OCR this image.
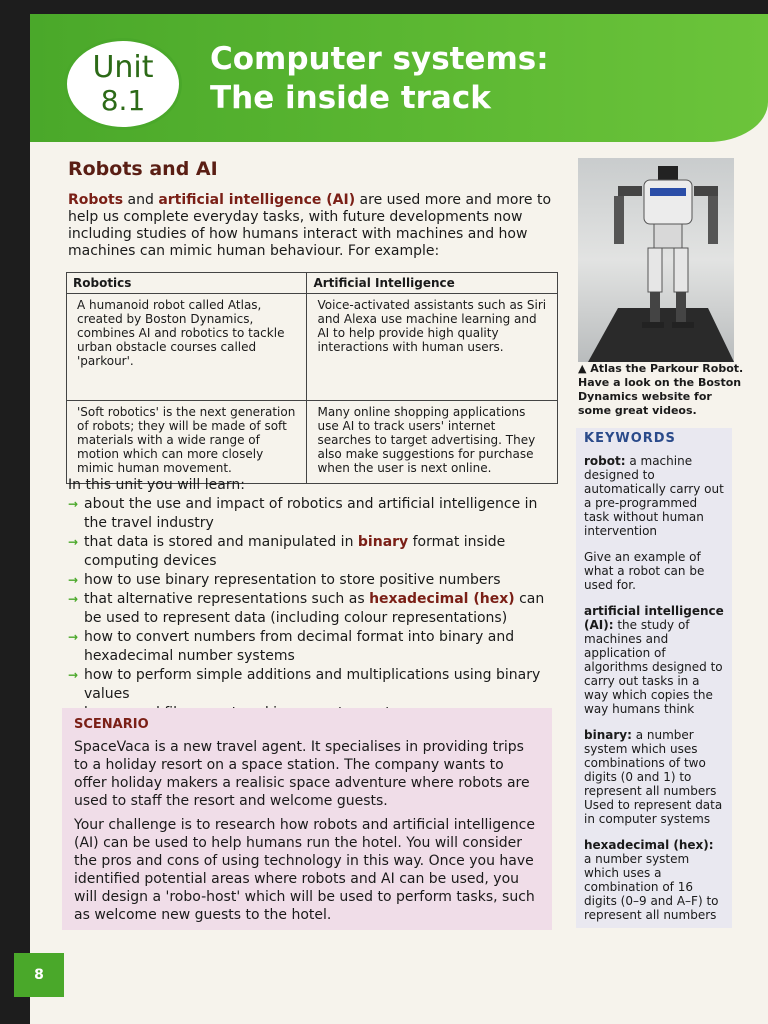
Unit
8.1
Computer systems:
The inside track
Robots and AI
Robots and artificial intelligence (AI) are used more and more to help us complete everyday tasks, with future developments now including studies of how humans interact with machines and how machines can mimic human behaviour. For example:
Robotics	Artificial Intelligence
A humanoid robot called Atlas, created by Boston Dynamics, combines AI and robotics to tackle urban obstacle courses called 'parkour'.	Voice-activated assistants such as Siri and Alexa use machine learning and AI to help provide high quality interactions with human users.
'Soft robotics' is the next generation of robots; they will be made of soft materials with a wide range of motion which can more closely mimic human movement.	Many online shopping applications use AI to track users' internet searches to target advertising. They also make suggestions for purchase when the user is next online.
In this unit you will learn:
→ about the use and impact of robotics and artificial intelligence in the travel industry
→ that data is stored and manipulated in binary format inside computing devices
→ how to use binary representation to store positive numbers
→ that alternative representations such as hexadecimal (hex) can be used to represent data (including colour representations)
→ how to convert numbers from decimal format into binary and hexadecimal number systems
→ how to perform simple additions and multiplications using binary values
SCENARIO

SpaceVaca is a new travel agent. It specialises in providing trips to a holiday resort on a space station. The company wants to offer holiday makers a realisic space adventure where robots are used to staff the resort and welcome guests.

Your challenge is to research how robots and artificial intelligence (AI) can be used to help humans run the hotel. You will consider the pros and cons of using technology in this way. Once you have identified potential areas where robots and AI can be used, you will design a 'robo-host' which will be used to perform tasks, such as welcome new guests to the hotel.

▲ Atlas the Parkour Robot. Have a look on the Boston Dynamics website for some great videos.
KEYWORDS
robot: a machine designed to automatically carry out a pre-programmed task without human intervention
Give an example of what a robot can be used for.
artificial intelligence (AI): the study of machines and application of algorithms designed to carry out tasks in a way which copies the way humans think
binary: a number system which uses combinations of two digits (0 and 1) to represent all numbers Used to represent data in computer systems
hexadecimal (hex): a number system which uses a combination of 16 digits (0–9 and A–F) to represent all numbers
8
